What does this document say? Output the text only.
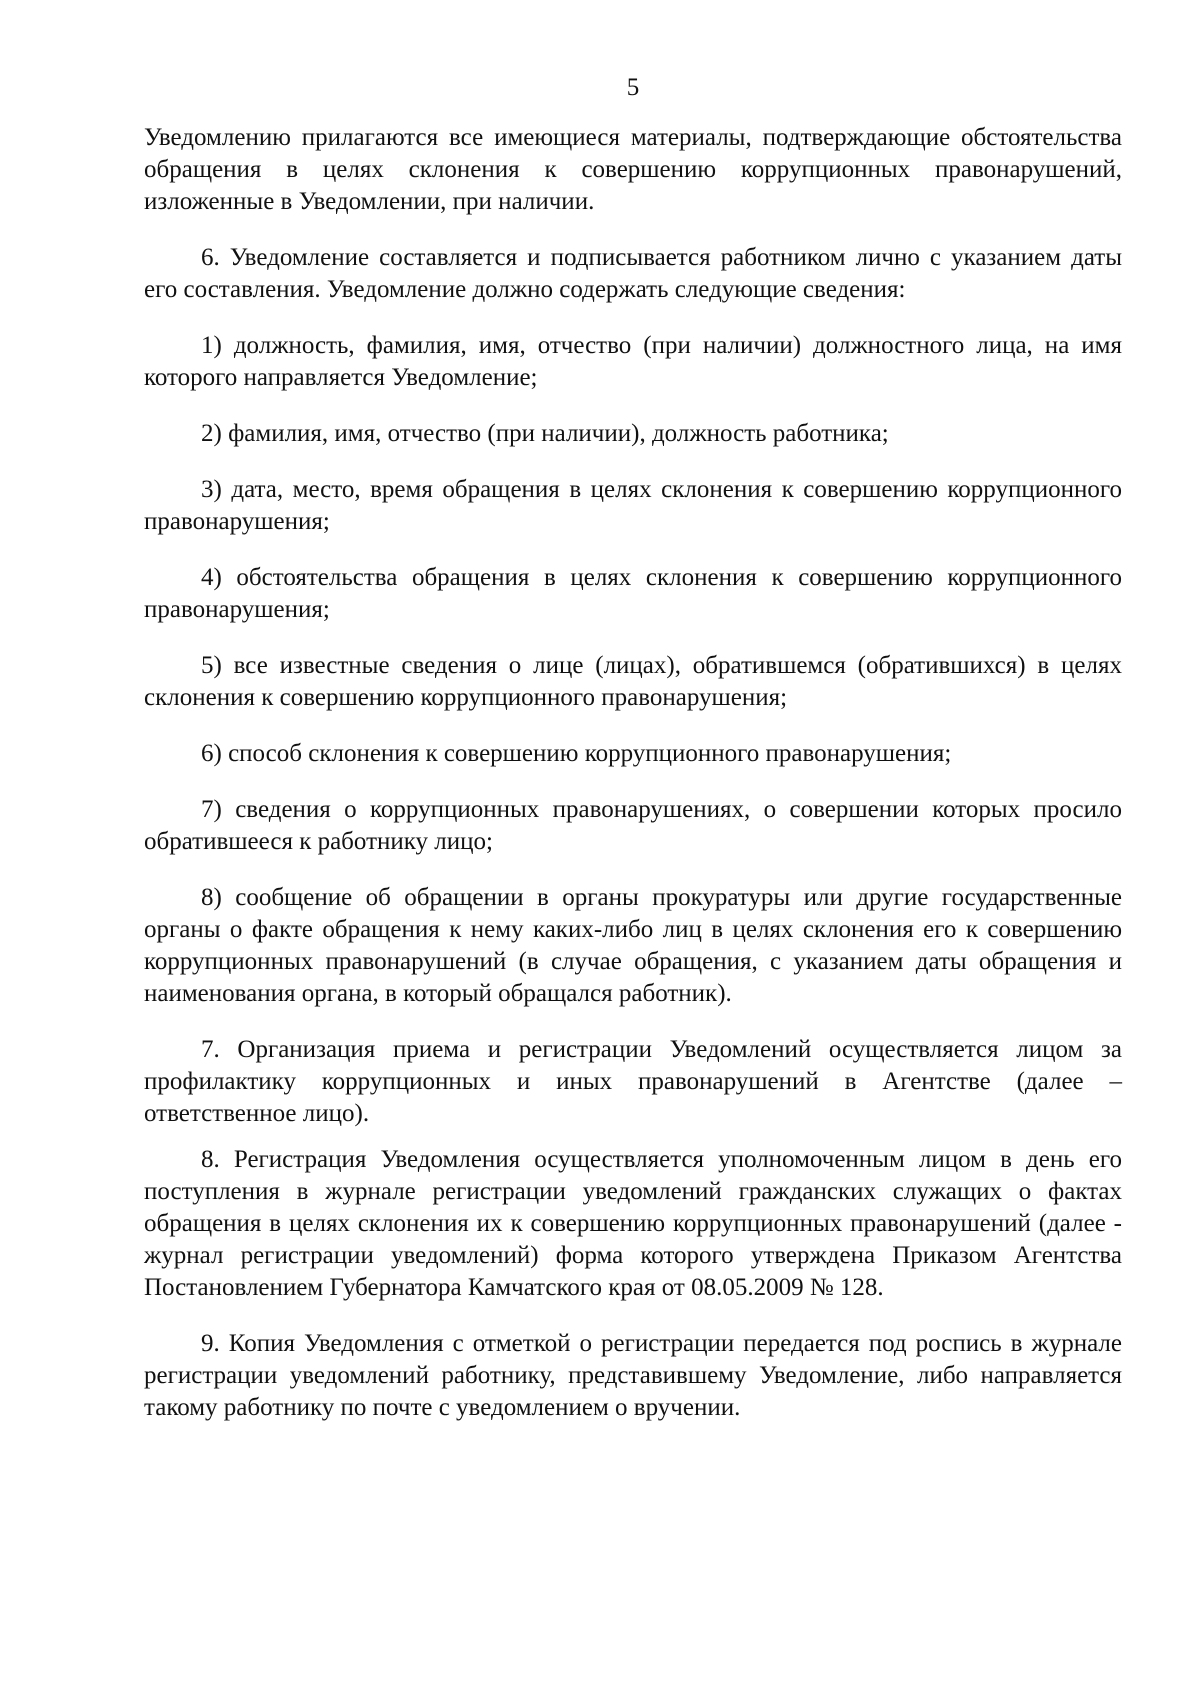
5

Уведомлению прилагаются все имеющиеся материалы, подтверждающие обстоятельства обращения в целях склонения к совершению коррупционных правонарушений, изложенные в Уведомлении, при наличии.

6. Уведомление составляется и подписывается работником лично с указанием даты его составления. Уведомление должно содержать следующие сведения:

1) должность, фамилия, имя, отчество (при наличии) должностного лица, на имя которого направляется Уведомление;

2) фамилия, имя, отчество (при наличии), должность работника;

3) дата, место, время обращения в целях склонения к совершению коррупционного правонарушения;

4) обстоятельства обращения в целях склонения к совершению коррупционного правонарушения;

5) все известные сведения о лице (лицах), обратившемся (обратившихся) в целях склонения к совершению коррупционного правонарушения;

6) способ склонения к совершению коррупционного правонарушения;

7) сведения о коррупционных правонарушениях, о совершении которых просило обратившееся к работнику лицо;

8) сообщение об обращении в органы прокуратуры или другие государственные органы о факте обращения к нему каких-либо лиц в целях склонения его к совершению коррупционных правонарушений (в случае обращения, с указанием даты обращения и наименования органа, в который обращался работник).

7. Организация приема и регистрации Уведомлений осуществляется лицом за профилактику коррупционных и иных правонарушений в Агентстве (далее – ответственное лицо).

8. Регистрация Уведомления осуществляется уполномоченным лицом в день его поступления в журнале регистрации уведомлений гражданских служащих о фактах обращения в целях склонения их к совершению коррупционных правонарушений (далее - журнал регистрации уведомлений) форма которого утверждена Приказом Агентства Постановлением Губернатора Камчатского края от 08.05.2009 № 128.

9. Копия Уведомления с отметкой о регистрации передается под роспись в журнале регистрации уведомлений работнику, представившему Уведомление, либо направляется такому работнику по почте с уведомлением о вручении.
